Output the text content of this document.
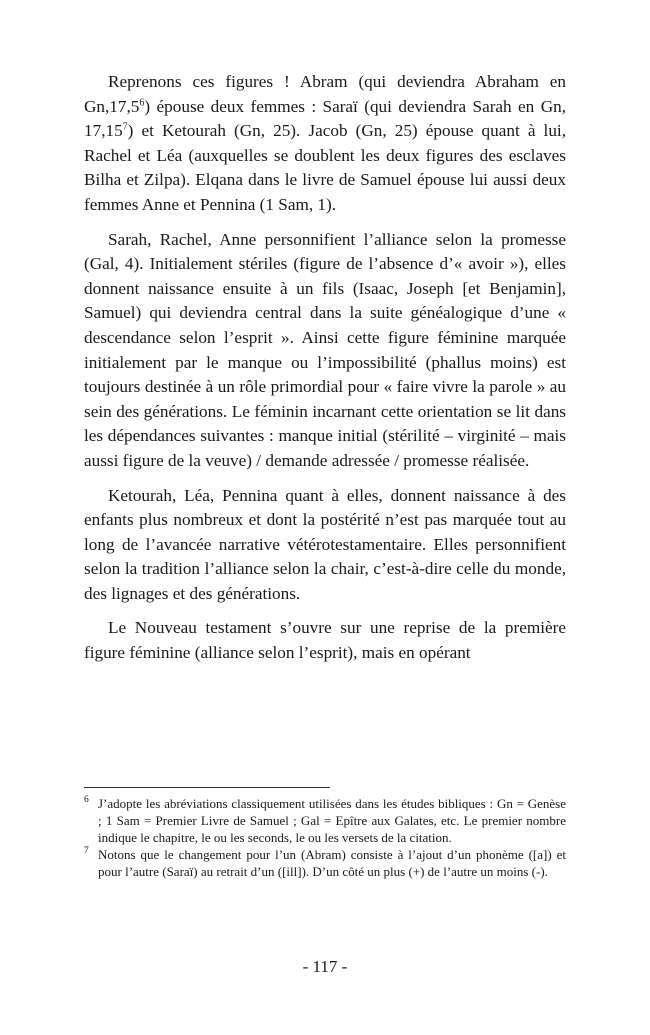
Reprenons ces figures ! Abram (qui deviendra Abraham en Gn,17,5$^6$) épouse deux femmes : Saraï (qui deviendra Sarah en Gn, 17,15$^7$) et Ketourah (Gn, 25). Jacob (Gn, 25) épouse quant à lui, Rachel et Léa (auxquelles se doublent les deux figures des esclaves Bilha et Zilpa). Elqana dans le livre de Samuel épouse lui aussi deux femmes Anne et Pennina (1 Sam, 1).

Sarah, Rachel, Anne personnifient l’alliance selon la promesse (Gal, 4). Initialement stériles (figure de l’absence d’« avoir »), elles donnent naissance ensuite à un fils (Isaac, Joseph [et Benjamin], Samuel) qui deviendra central dans la suite généalogique d’une « descendance selon l’esprit ». Ainsi cette figure féminine marquée initialement par le manque ou l’impossibilité (phallus moins) est toujours destinée à un rôle primordial pour « faire vivre la parole » au sein des générations. Le féminin incarnant cette orientation se lit dans les dépendances suivantes : manque initial (stérilité – virginité – mais aussi figure de la veuve) / demande adressée / promesse réalisée.

Ketourah, Léa, Pennina quant à elles, donnent naissance à des enfants plus nombreux et dont la postérité n’est pas marquée tout au long de l’avancée narrative vétérotestamentaire. Elles personnifient selon la tradition l’alliance selon la chair, c’est-à-dire celle du monde, des lignages et des générations.

Le Nouveau testament s’ouvre sur une reprise de la première figure féminine (alliance selon l’esprit), mais en opérant

6 J’adopte les abréviations classiquement utilisées dans les études bibliques : Gn = Genèse ; 1 Sam = Premier Livre de Samuel ; Gal = Epître aux Galates, etc. Le premier nombre indique le chapitre, le ou les seconds, le ou les versets de la citation.

7 Notons que le changement pour l’un (Abram) consiste à l’ajout d’un phonème ([a]) et pour l’autre (Saraï) au retrait d’un ([ill]). D’un côté un plus (+) de l’autre un moins (-).

- 117 -
